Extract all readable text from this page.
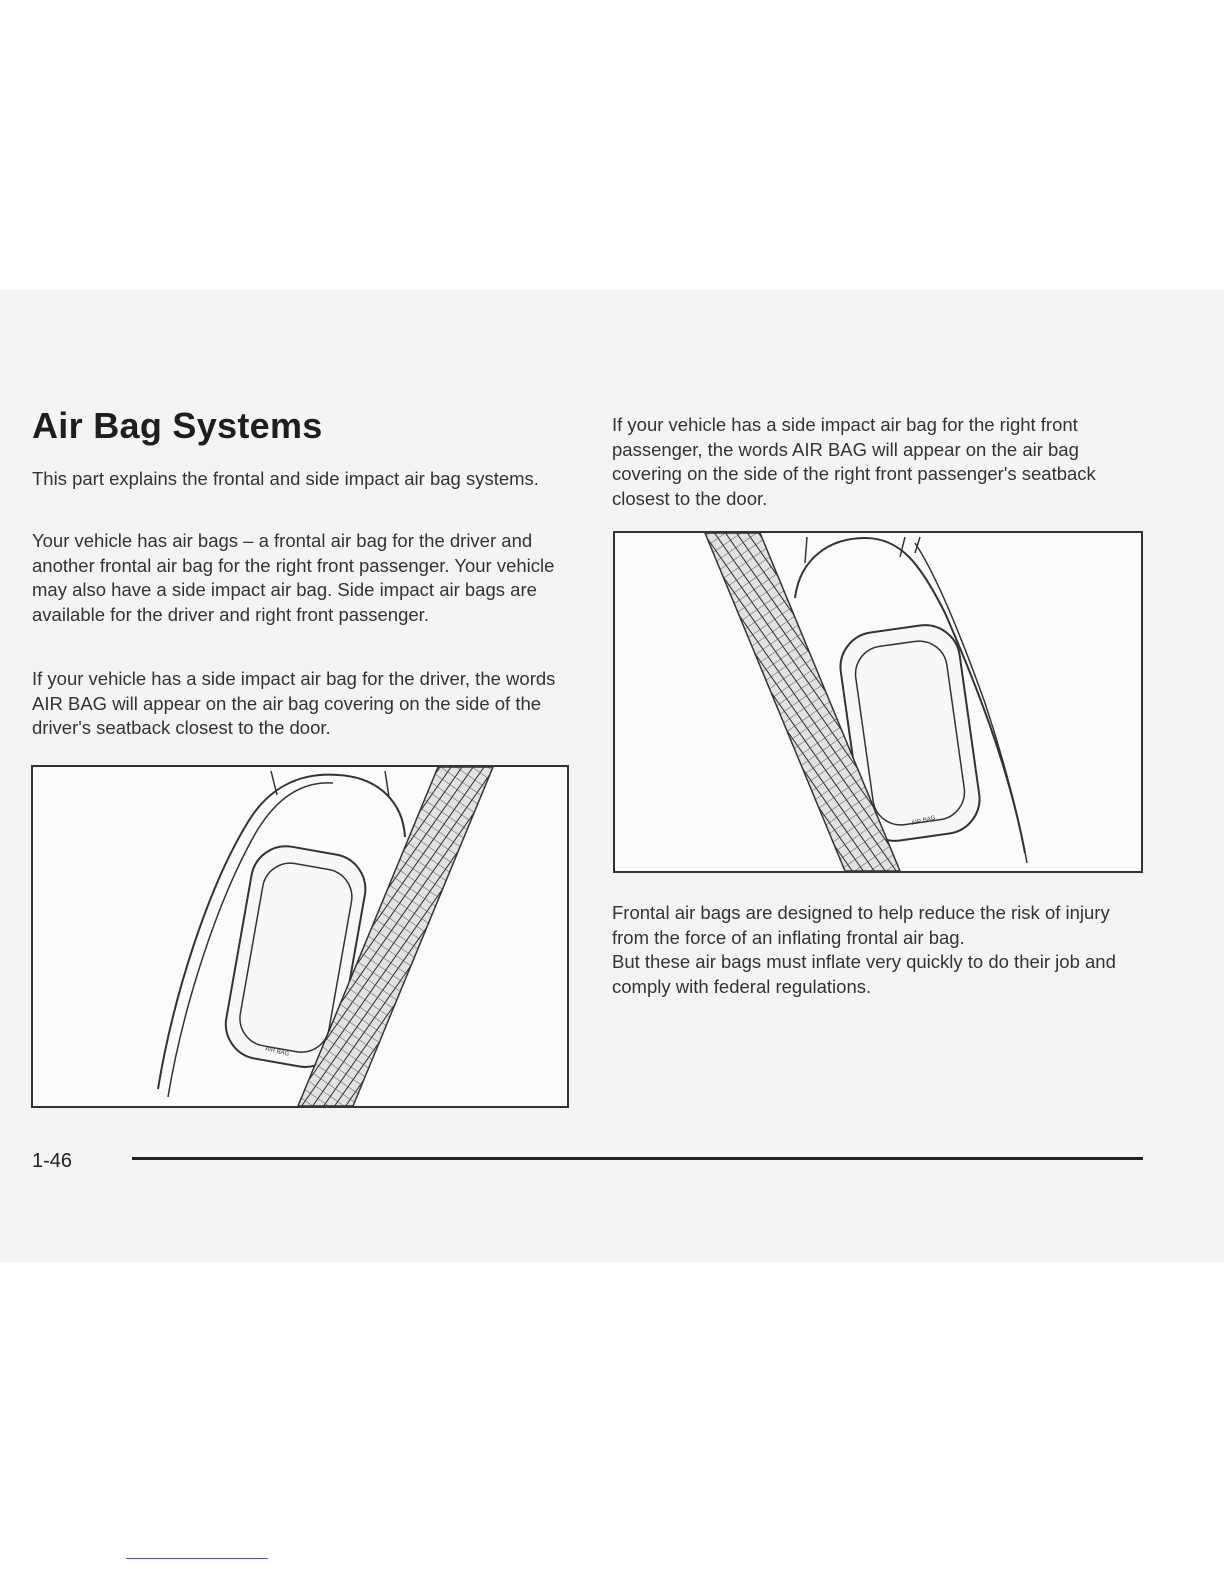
Air Bag Systems

This part explains the frontal and side impact air bag systems.

Your vehicle has air bags – a frontal air bag for the driver and another frontal air bag for the right front passenger. Your vehicle may also have a side impact air bag. Side impact air bags are available for the driver and right front passenger.

If your vehicle has a side impact air bag for the driver, the words AIR BAG will appear on the air bag covering on the side of the driver's seatback closest to the door.

AIR BAG

If your vehicle has a side impact air bag for the right front passenger, the words AIR BAG will appear on the air bag covering on the side of the right front passenger's seatback closest to the door.

AIR BAG

Frontal air bags are designed to help reduce the risk of injury from the force of an inflating frontal air bag.
But these air bags must inflate very quickly to do their job and comply with federal regulations.

1-46
